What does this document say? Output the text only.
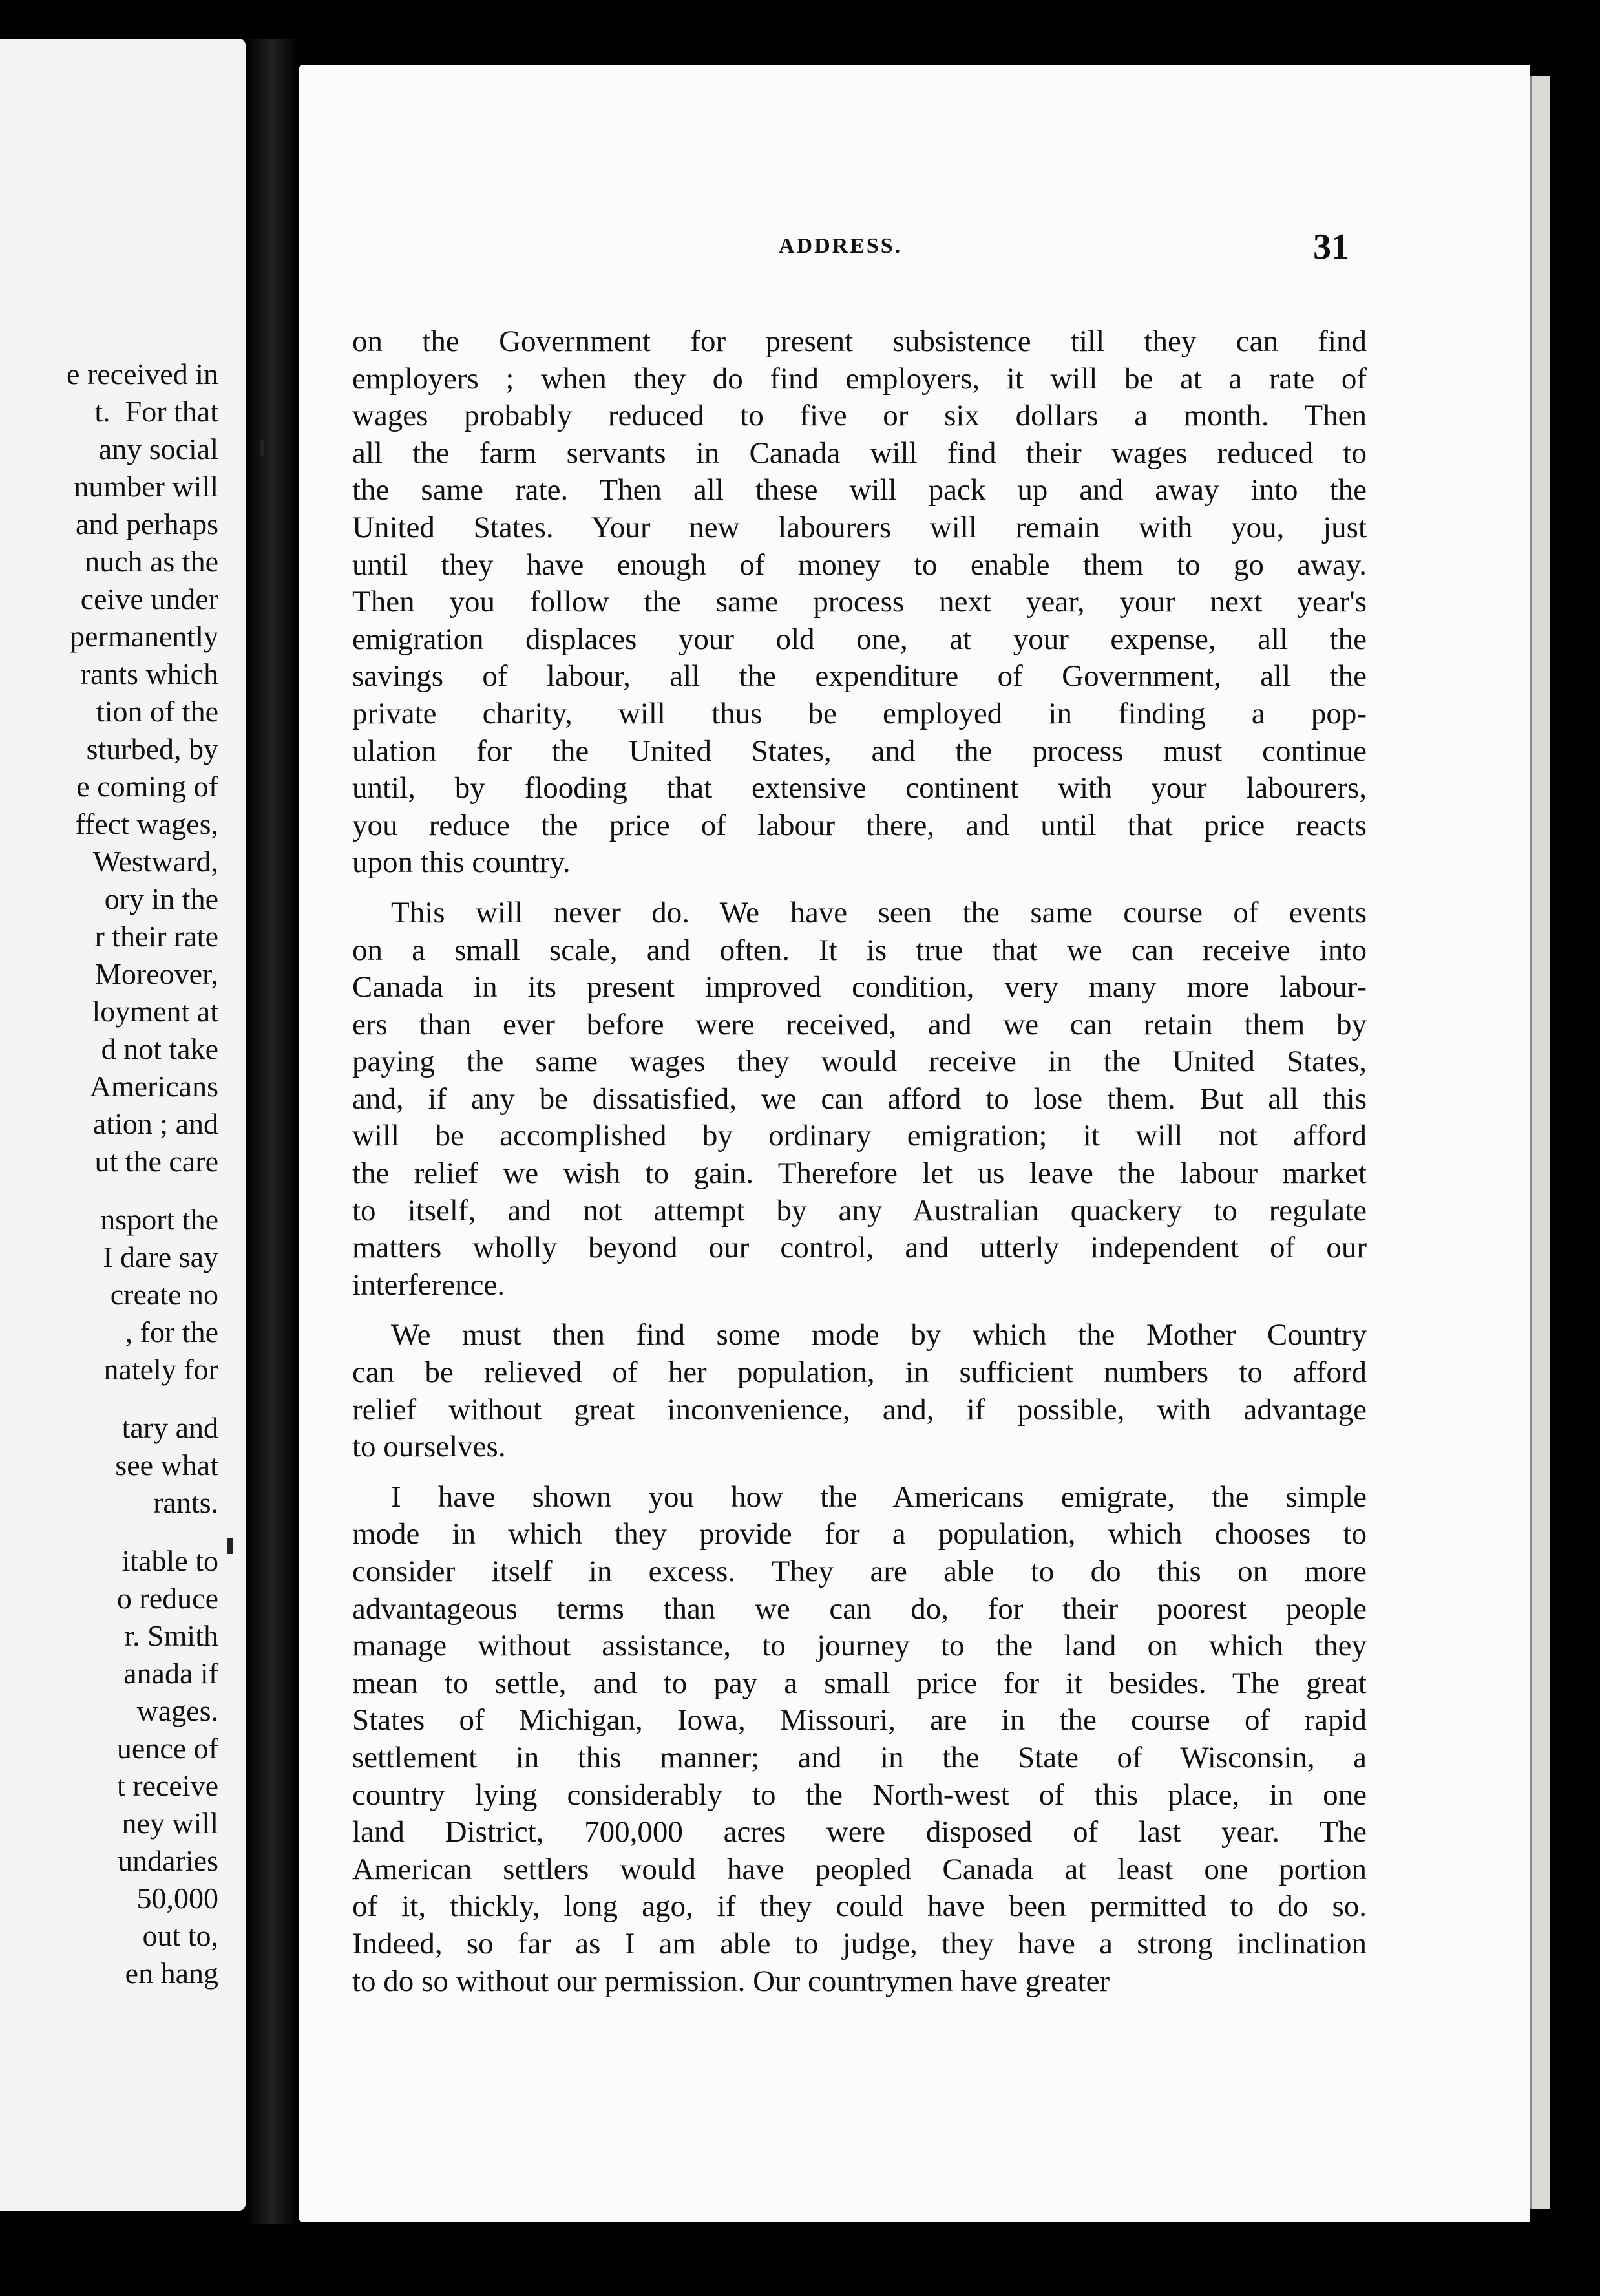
e received in
t.  For that
any social
number will
and perhaps
nuch as the
ceive under
permanently
rants which
tion of the
sturbed, by
e coming of
ffect wages,
Westward,
ory in the
r their rate
Moreover,
loyment at
d not take
Americans
ation ; and
ut the care
nsport the
I dare say
create no
, for the
nately for
tary and
see what
rants.
itable to
o reduce
r. Smith
anada if
wages.
uence of
t receive
ney will
undaries
50,000
out to,
en hang
ADDRESS.	31
on the Government for present subsistence till they can find
employers ; when they do find employers, it will be at a rate of
wages probably reduced to five or six dollars a month. Then
all the farm servants in Canada will find their wages reduced to
the same rate. Then all these will pack up and away into the
United States. Your new labourers will remain with you, just
until they have enough of money to enable them to go away.
Then you follow the same process next year, your next year's
emigration displaces your old one, at your expense, all the
savings of labour, all the expenditure of Government, all the
private charity, will thus be employed in finding a pop-
ulation for the United States, and the process must continue
until, by flooding that extensive continent with your labourers,
you reduce the price of labour there, and until that price reacts
upon this country.
This will never do. We have seen the same course of events
on a small scale, and often. It is true that we can receive into
Canada in its present improved condition, very many more labour-
ers than ever before were received, and we can retain them by
paying the same wages they would receive in the United States,
and, if any be dissatisfied, we can afford to lose them. But all this
will be accomplished by ordinary emigration; it will not afford
the relief we wish to gain. Therefore let us leave the labour market
to itself, and not attempt by any Australian quackery to regulate
matters wholly beyond our control, and utterly independent of our
interference.
We must then find some mode by which the Mother Country
can be relieved of her population, in sufficient numbers to afford
relief without great inconvenience, and, if possible, with advantage
to ourselves.
I have shown you how the Americans emigrate, the simple
mode in which they provide for a population, which chooses to
consider itself in excess. They are able to do this on more
advantageous terms than we can do, for their poorest people
manage without assistance, to journey to the land on which they
mean to settle, and to pay a small price for it besides. The great
States of Michigan, Iowa, Missouri, are in the course of rapid
settlement in this manner; and in the State of Wisconsin, a
country lying considerably to the North-west of this place, in one
land District, 700,000 acres were disposed of last year. The
American settlers would have peopled Canada at least one portion
of it, thickly, long ago, if they could have been permitted to do so.
Indeed, so far as I am able to judge, they have a strong inclination
to do so without our permission. Our countrymen have greater
